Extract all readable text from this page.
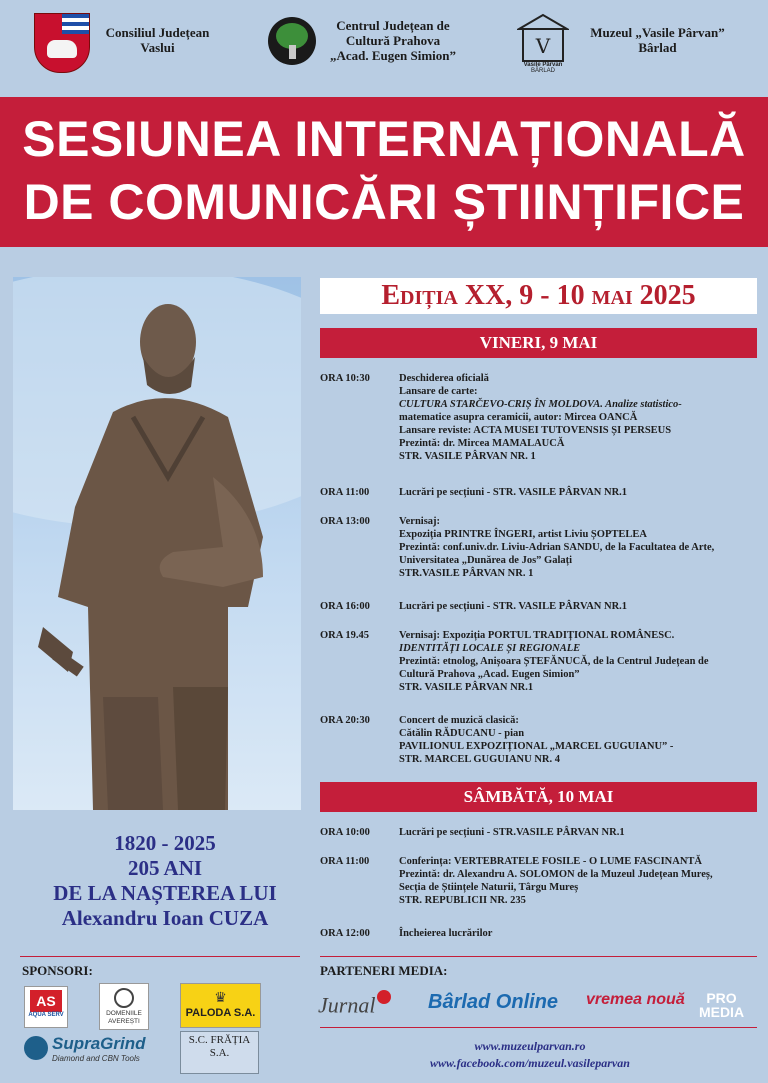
Consiliul Județean
Vaslui
Centrul Județean de
Cultură Prahova
„Acad. Eugen Simion”	V
Vasile Pârvan
BÂRLAD
Muzeul „Vasile Pârvan”
Bârlad
SESIUNEA INTERNAȚIONALĂ
DE COMUNICĂRI ȘTIINȚIFICE
1820 - 2025
205 ANI
DE LA NAȘTEREA LUI
Alexandru Ioan CUZA
Ediția XX, 9 - 10 mai 2025
VINERI, 9 MAI
ORA 10:30	Deschiderea oficială
Lansare de carte:
CULTURA STARČEVO-CRIȘ ÎN MOLDOVA. Analize statistico-
matematice asupra ceramicii, autor: Mircea OANCĂ
Lansare reviste: ACTA MUSEI TUTOVENSIS ȘI PERSEUS
Prezintă: dr. Mircea MAMALAUCĂ
STR. VASILE PÂRVAN NR. 1
ORA 11:00	Lucrări pe secțiuni - STR. VASILE PÂRVAN NR.1
ORA 13:00	Vernisaj:
Expoziția PRINTRE ÎNGERI, artist Liviu ȘOPTELEA
Prezintă: conf.univ.dr. Liviu-Adrian SANDU, de la Facultatea de Arte,
Universitatea „Dunărea de Jos” Galați
STR.VASILE PÂRVAN NR. 1
ORA 16:00	Lucrări pe secțiuni - STR. VASILE PÂRVAN NR.1
ORA 19.45	Vernisaj: Expoziția PORTUL TRADIȚIONAL ROMÂNESC.
IDENTITĂȚI LOCALE ȘI REGIONALE
Prezintă: etnolog, Anișoara ȘTEFĂNUCĂ, de la Centrul Județean de
Cultură Prahova „Acad. Eugen Simion”
STR. VASILE PÂRVAN NR.1
ORA 20:30	Concert de muzică clasică:
Cătălin RĂDUCANU - pian
PAVILIONUL EXPOZIȚIONAL „MARCEL GUGUIANU” -
STR. MARCEL GUGUIANU NR. 4
SÂMBĂTĂ, 10 MAI
ORA 10:00	Lucrări pe secțiuni - STR.VASILE PÂRVAN NR.1
ORA 11:00	Conferința: VERTEBRATELE FOSILE - O LUME FASCINANTĂ
Prezintă: dr. Alexandru A. SOLOMON de la Muzeul Județean Mureș,
Secția de Științele Naturii, Târgu Mureș
STR. REPUBLICII NR. 235
ORA 12:00	Încheierea lucrărilor
SPONSORI:
AS
AQUA SERV	DOMENIILE AVEREȘTI
♛
PALODA S.A.
SupraGrind
Diamond and CBN Tools
S.C. FRĂȚIA S.A.
PARTENERI MEDIA:
Jurnal	Bârlad Online vremea nouă	PRO MEDIA
www.muzeulparvan.ro
www.facebook.com/muzeul.vasileparvan
